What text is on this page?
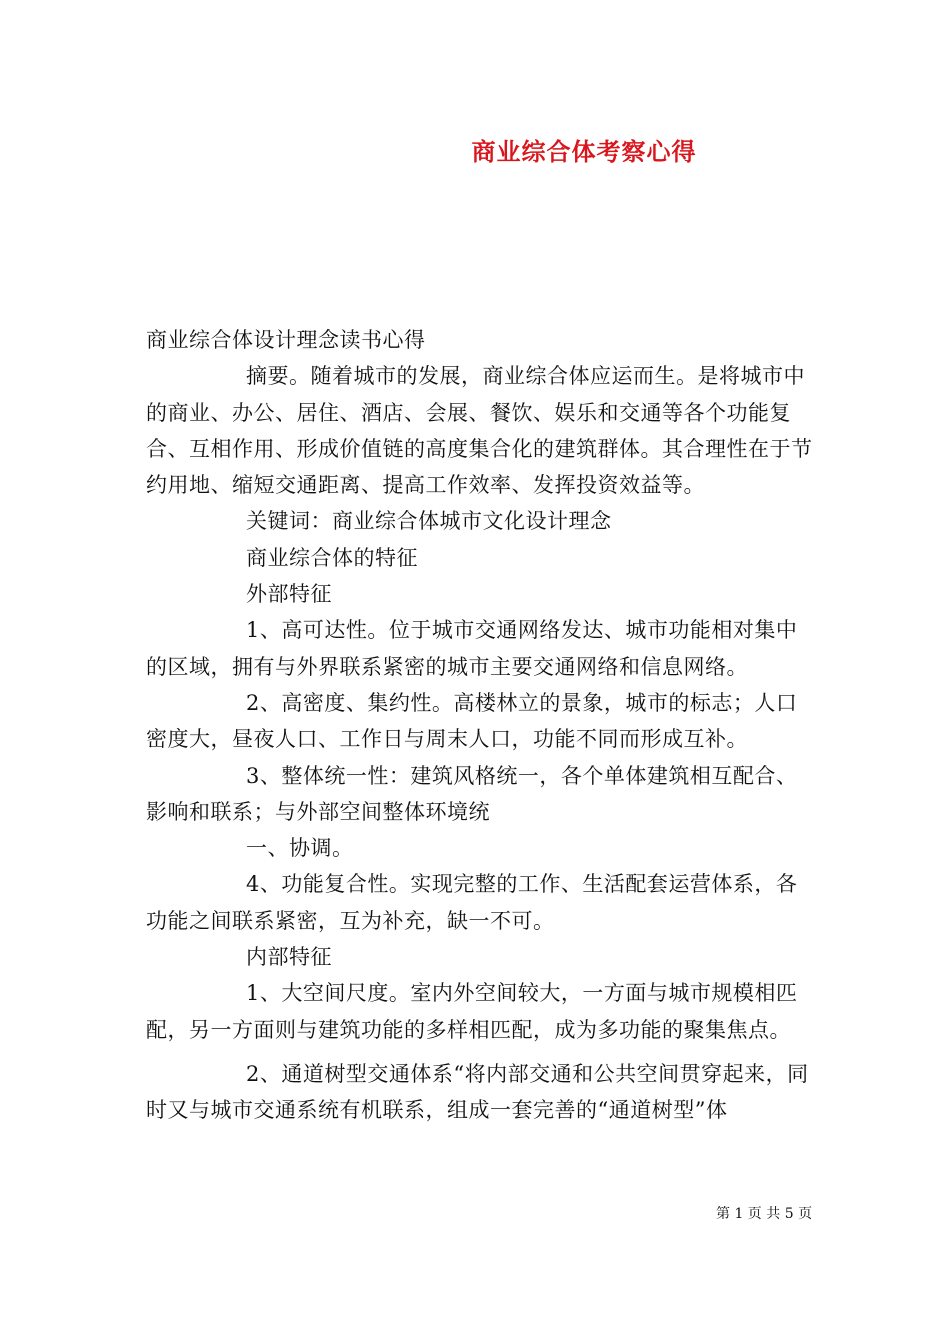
商业综合体考察心得

商业综合体设计理念读书心得

摘要。随着城市的发展，商业综合体应运而生。是将城市中的商业、办公、居住、酒店、会展、餐饮、娱乐和交通等各个功能复合、互相作用、形成价值链的高度集合化的建筑群体。其合理性在于节约用地、缩短交通距离、提高工作效率、发挥投资效益等。

关键词：商业综合体城市文化设计理念

商业综合体的特征

外部特征

1、高可达性。位于城市交通网络发达、城市功能相对集中的区域，拥有与外界联系紧密的城市主要交通网络和信息网络。

2、高密度、集约性。高楼林立的景象，城市的标志；人口密度大，昼夜人口、工作日与周末人口，功能不同而形成互补。

3、整体统一性：建筑风格统一，各个单体建筑相互配合、影响和联系；与外部空间整体环境统

一、协调。

4、功能复合性。实现完整的工作、生活配套运营体系，各功能之间联系紧密，互为补充，缺一不可。

内部特征

1、大空间尺度。室内外空间较大，一方面与城市规模相匹配，另一方面则与建筑功能的多样相匹配，成为多功能的聚集焦点。

2、通道树型交通体系“将内部交通和公共空间贯穿起来，同时又与城市交通系统有机联系，组成一套完善的“通道树型”体

第 1 页 共 5 页
